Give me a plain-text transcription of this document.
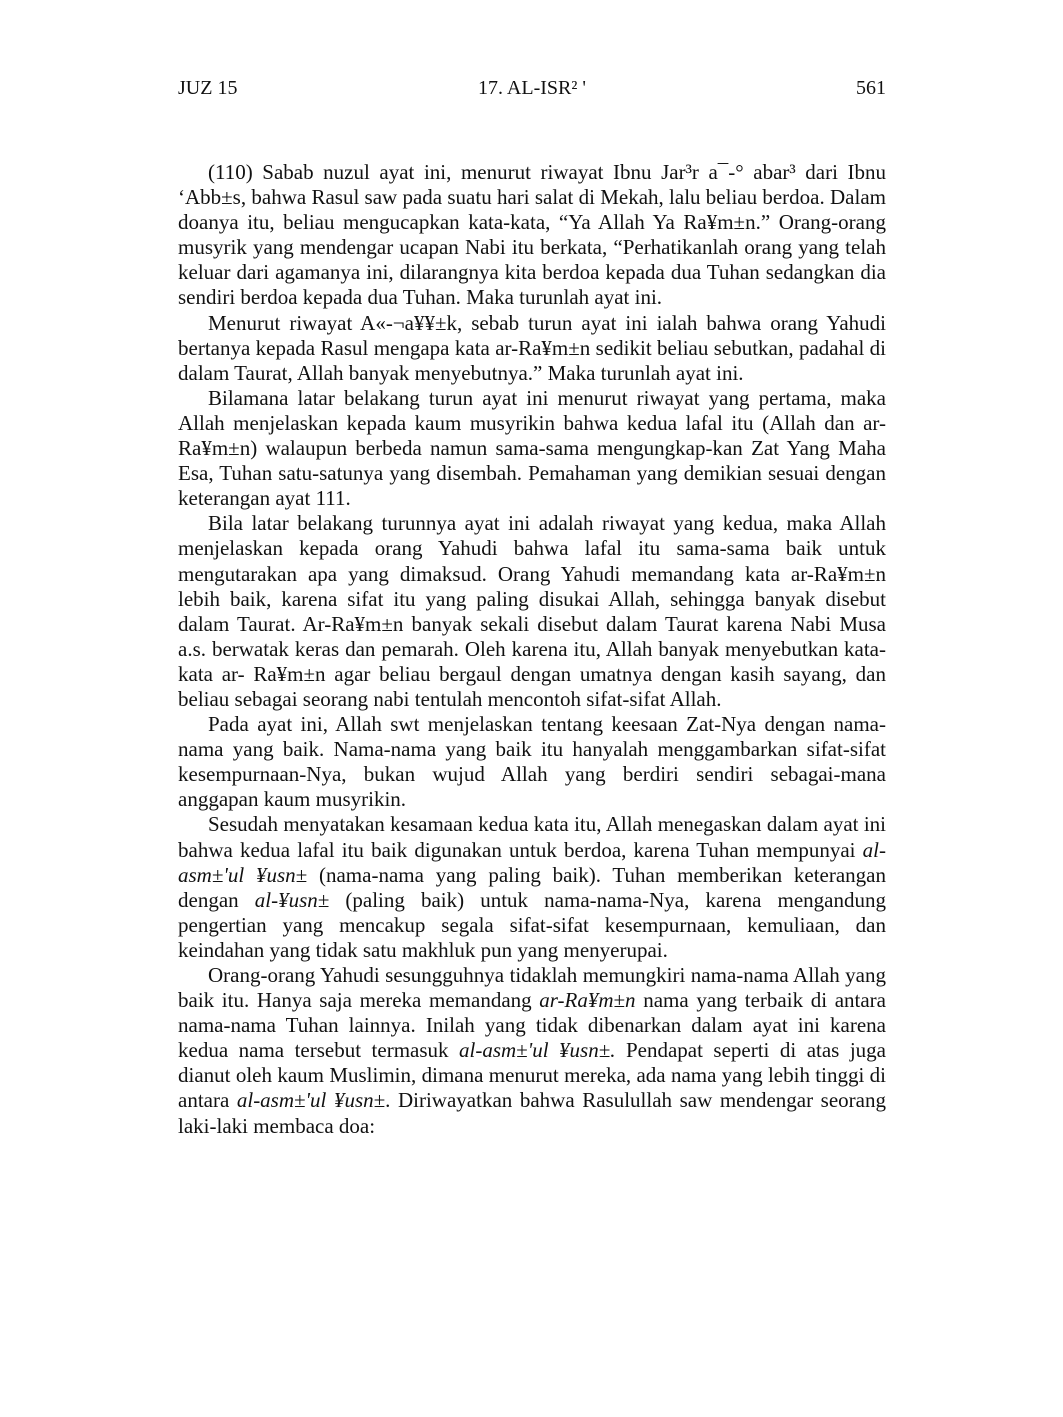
JUZ 15	17. AL-ISR² '	561

(110) Sabab nuzul ayat ini, menurut riwayat Ibnu Jar³r a¯-° abar³ dari Ibnu ‘Abb±s, bahwa Rasul saw pada suatu hari salat di Mekah, lalu beliau berdoa. Dalam doanya itu, beliau mengucapkan kata-kata, “Ya Allah Ya Ra¥m±n.” Orang-orang musyrik yang mendengar ucapan Nabi itu berkata, “Perhatikanlah orang yang telah keluar dari agamanya ini, dilarangnya kita berdoa kepada dua Tuhan sedangkan dia sendiri berdoa kepada dua Tuhan. Maka turunlah ayat ini.

Menurut riwayat A«-¬a¥¥±k, sebab turun ayat ini ialah bahwa orang Yahudi bertanya kepada Rasul mengapa kata ar-Ra¥m±n sedikit beliau sebutkan, padahal di dalam Taurat, Allah banyak menyebutnya.” Maka turunlah ayat ini.

Bilamana latar belakang turun ayat ini menurut riwayat yang pertama, maka Allah menjelaskan kepada kaum musyrikin bahwa kedua lafal itu (Allah dan ar-Ra¥m±n) walaupun berbeda namun sama-sama mengungkap-kan Zat Yang Maha Esa, Tuhan satu-satunya yang disembah. Pemahaman yang demikian sesuai dengan keterangan ayat 111.

Bila latar belakang turunnya ayat ini adalah riwayat yang kedua, maka Allah menjelaskan kepada orang Yahudi bahwa lafal itu sama-sama baik untuk mengutarakan apa yang dimaksud. Orang Yahudi memandang kata ar-Ra¥m±n lebih baik, karena sifat itu yang paling disukai Allah, sehingga banyak disebut dalam Taurat. Ar-Ra¥m±n banyak sekali disebut dalam Taurat karena Nabi Musa a.s. berwatak keras dan pemarah. Oleh karena itu, Allah banyak menyebutkan kata-kata ar- Ra¥m±n agar beliau bergaul dengan umatnya dengan kasih sayang, dan beliau sebagai seorang nabi tentulah mencontoh sifat-sifat Allah.

Pada ayat ini, Allah swt menjelaskan tentang keesaan Zat-Nya dengan nama-nama yang baik. Nama-nama yang baik itu hanyalah menggambarkan sifat-sifat kesempurnaan-Nya, bukan wujud Allah yang berdiri sendiri sebagai-mana anggapan kaum musyrikin.

Sesudah menyatakan kesamaan kedua kata itu, Allah menegaskan dalam ayat ini bahwa kedua lafal itu baik digunakan untuk berdoa, karena Tuhan mempunyai al-asm±'ul ¥usn± (nama-nama yang paling baik). Tuhan memberikan keterangan dengan al-¥usn± (paling baik) untuk nama-nama-Nya, karena mengandung pengertian yang mencakup segala sifat-sifat kesempurnaan, kemuliaan, dan keindahan yang tidak satu makhluk pun yang menyerupai.

Orang-orang Yahudi sesungguhnya tidaklah memungkiri nama-nama Allah yang baik itu. Hanya saja mereka memandang ar-Ra¥m±n nama yang terbaik di antara nama-nama Tuhan lainnya. Inilah yang tidak dibenarkan dalam ayat ini karena kedua nama tersebut termasuk al-asm±'ul ¥usn±. Pendapat seperti di atas juga dianut oleh kaum Muslimin, dimana menurut mereka, ada nama yang lebih tinggi di antara al-asm±'ul ¥usn±. Diriwayatkan bahwa Rasulullah saw mendengar seorang laki-laki membaca doa:
